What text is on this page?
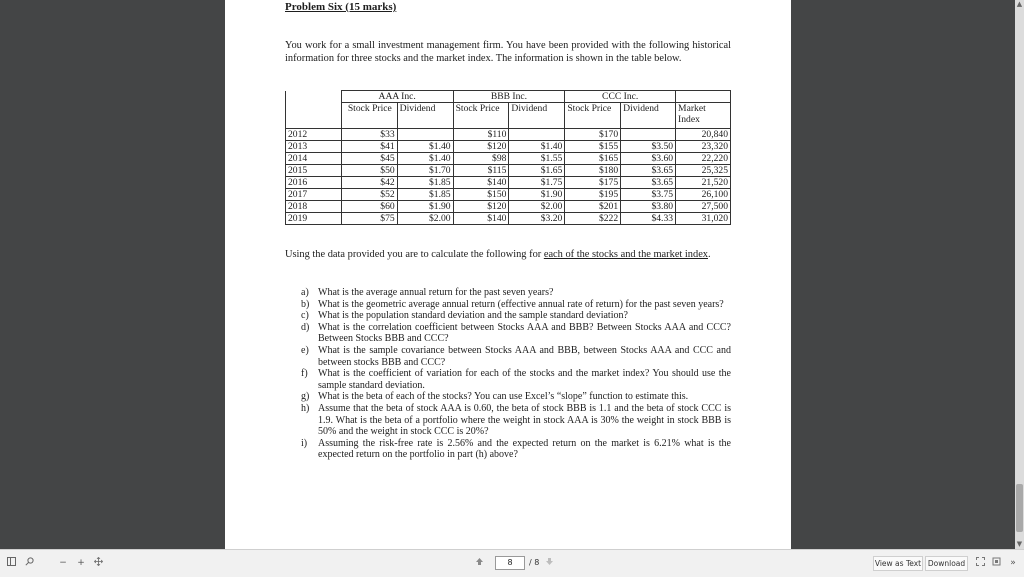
Problem Six (15 marks)
You work for a small investment management firm. You have been provided with the following historical information for three stocks and the market index. The information is shown in the table below.
	AAA Inc.		BBB Inc.		CCC Inc.		
	Stock Price	Dividend	Stock Price	Dividend	Stock Price	Dividend	Market Index
2012	$33		$110		$170		20,840
2013	$41	$1.40	$120	$1.40	$155	$3.50	23,320
2014	$45	$1.40	$98	$1.55	$165	$3.60	22,220
2015	$50	$1.70	$115	$1.65	$180	$3.65	25,325
2016	$42	$1.85	$140	$1.75	$175	$3.65	21,520
2017	$52	$1.85	$150	$1.90	$195	$3.75	26,100
2018	$60	$1.90	$120	$2.00	$201	$3.80	27,500
2019	$75	$2.00	$140	$3.20	$222	$4.33	31,020
Using the data provided you are to calculate the following for each of the stocks and the market index.
a) What is the average annual return for the past seven years?
b) What is the geometric average annual return (effective annual rate of return) for the past seven years?
c) What is the population standard deviation and the sample standard deviation?
d) What is the correlation coefficient between Stocks AAA and BBB? Between Stocks AAA and CCC? Between Stocks BBB and CCC?
e) What is the sample covariance between Stocks AAA and BBB, between Stocks AAA and CCC and between stocks BBB and CCC?
f) What is the coefficient of variation for each of the stocks and the market index? You should use the sample standard deviation.
g) What is the beta of each of the stocks? You can use Excel’s “slope” function to estimate this.
h) Assume that the beta of stock AAA is 0.60, the beta of stock BBB is 1.1 and the beta of stock CCC is 1.9. What is the beta of a portfolio where the weight in stock AAA is 30% the weight in stock BBB is 50% and the weight in stock CCC is 20%?
i) Assuming the risk-free rate is 2.56% and the expected return on the market is 6.21% what is the expected return on the portfolio in part (h) above?
▲
▼
− +	8	/ 8	View as Text Download	»
